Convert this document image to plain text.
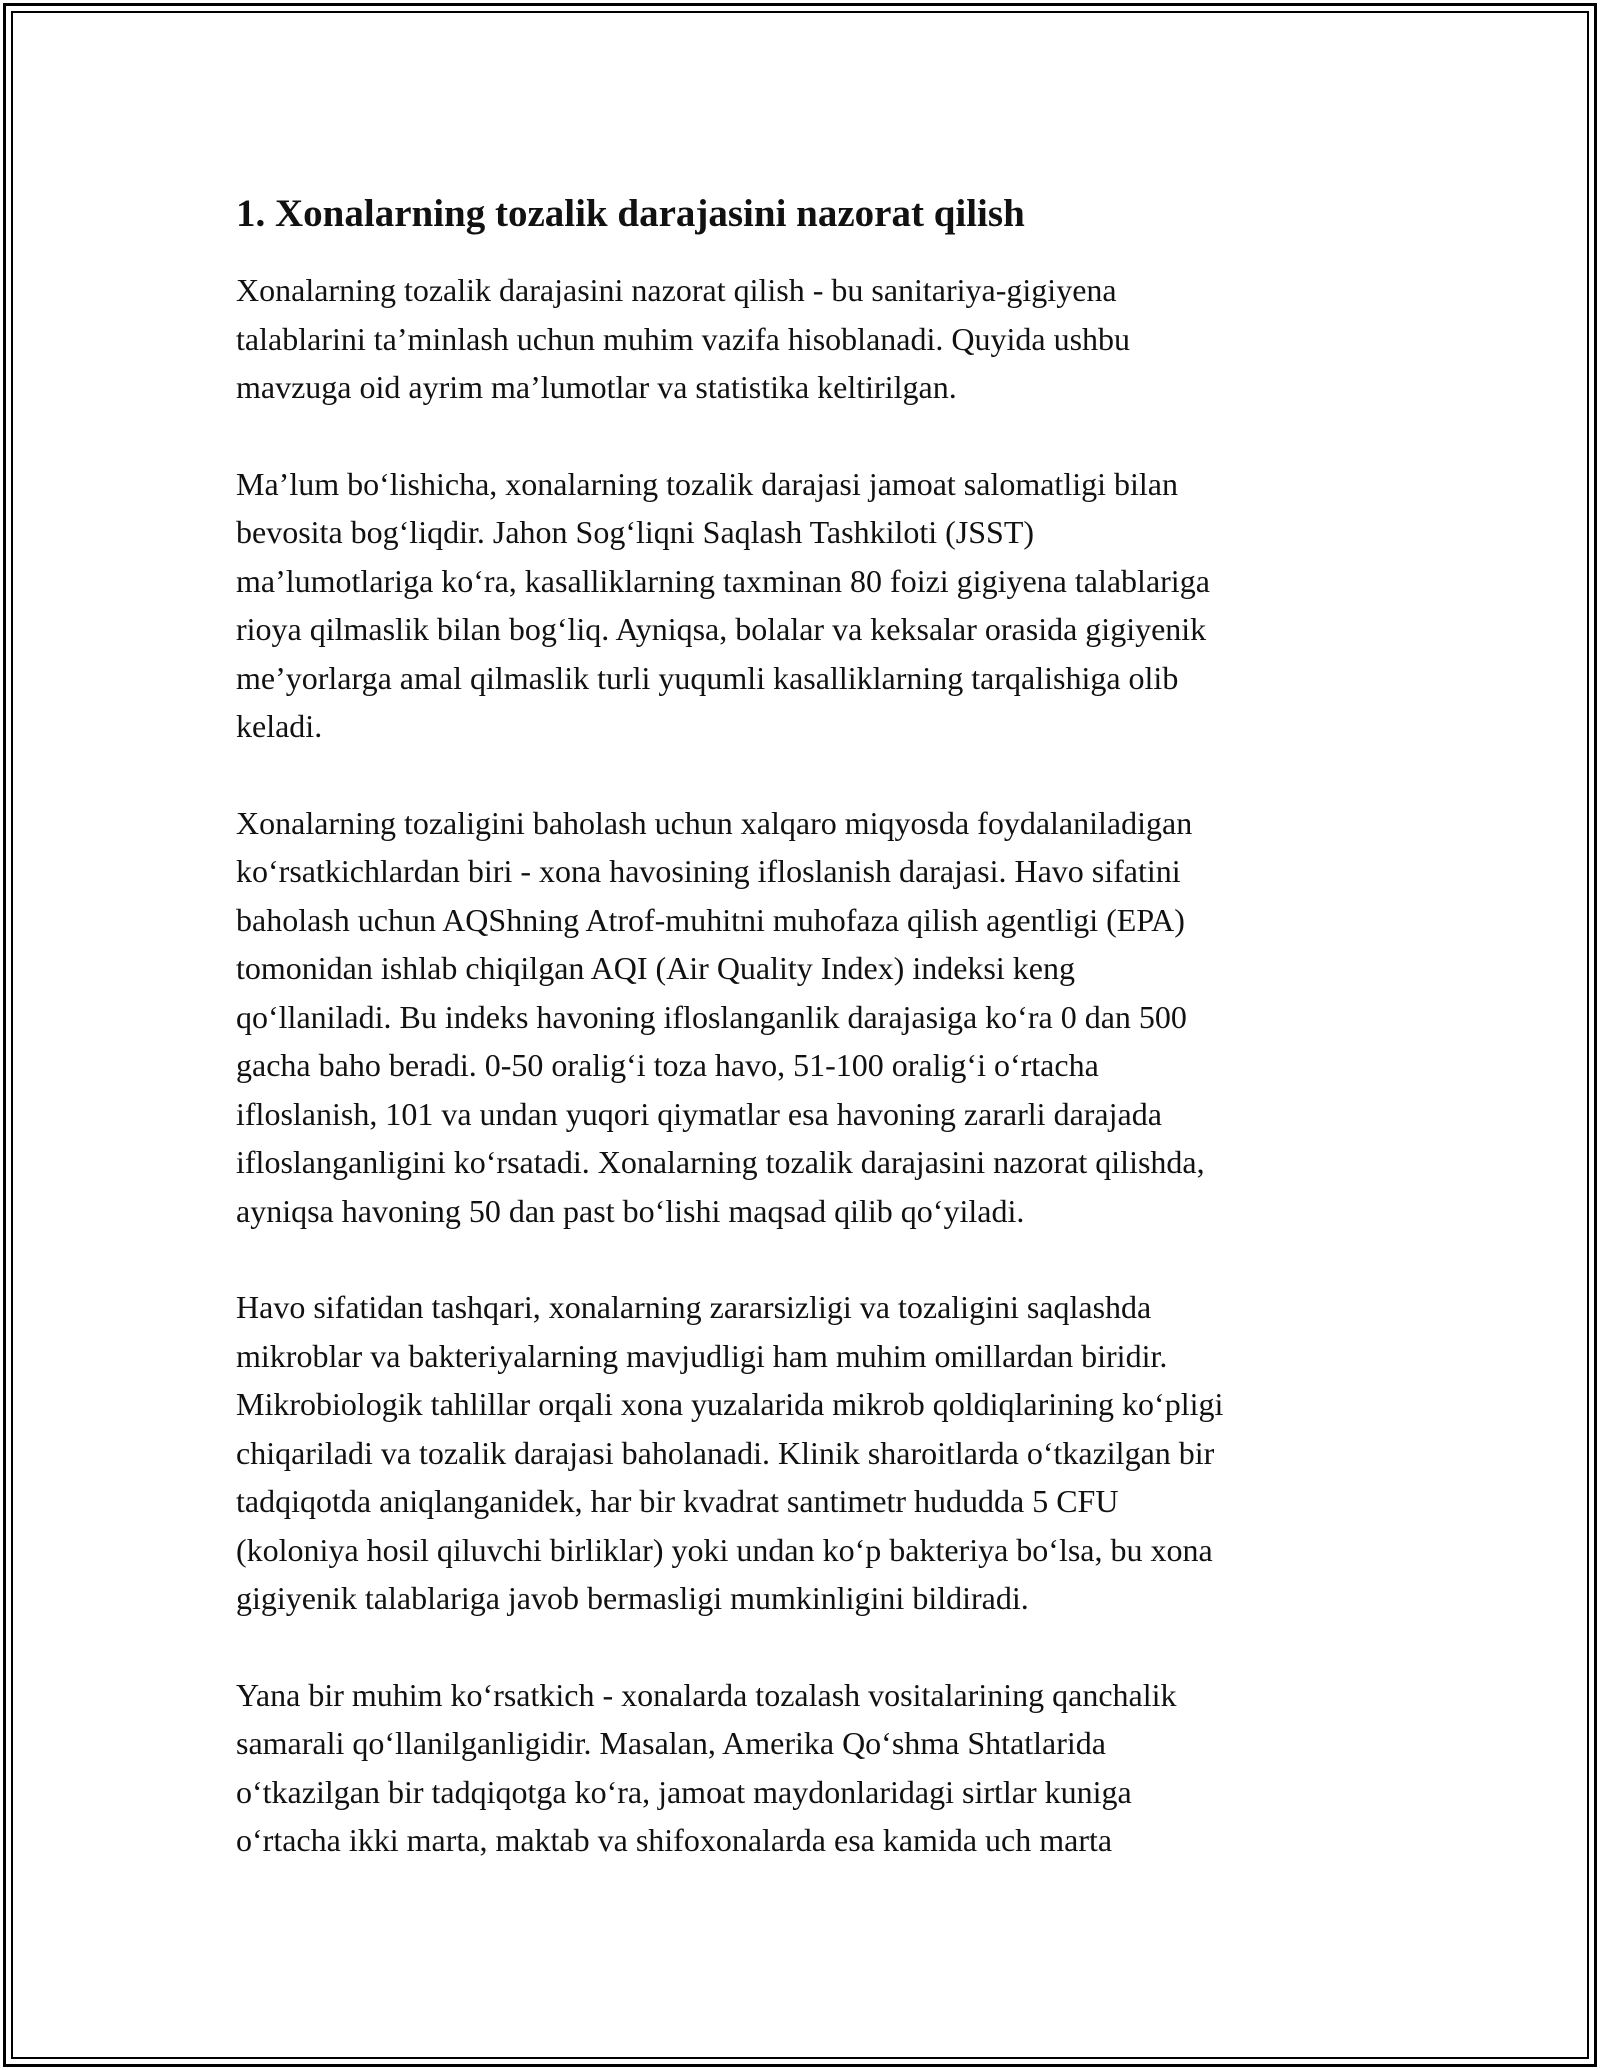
1. Xonalarning tozalik darajasini nazorat qilish

Xonalarning tozalik darajasini nazorat qilish - bu sanitariya-gigiyena
talablarini ta’minlash uchun muhim vazifa hisoblanadi. Quyida ushbu
mavzuga oid ayrim ma’lumotlar va statistika keltirilgan.

Ma’lum bo‘lishicha, xonalarning tozalik darajasi jamoat salomatligi bilan
bevosita bog‘liqdir. Jahon Sog‘liqni Saqlash Tashkiloti (JSST)
ma’lumotlariga ko‘ra, kasalliklarning taxminan 80 foizi gigiyena talablariga
rioya qilmaslik bilan bog‘liq. Ayniqsa, bolalar va keksalar orasida gigiyenik
me’yorlarga amal qilmaslik turli yuqumli kasalliklarning tarqalishiga olib
keladi.

Xonalarning tozaligini baholash uchun xalqaro miqyosda foydalaniladigan
ko‘rsatkichlardan biri - xona havosining ifloslanish darajasi. Havo sifatini
baholash uchun AQShning Atrof-muhitni muhofaza qilish agentligi (EPA)
tomonidan ishlab chiqilgan AQI (Air Quality Index) indeksi keng
qo‘llaniladi. Bu indeks havoning ifloslanganlik darajasiga ko‘ra 0 dan 500
gacha baho beradi. 0-50 oralig‘i toza havo, 51-100 oralig‘i o‘rtacha
ifloslanish, 101 va undan yuqori qiymatlar esa havoning zararli darajada
ifloslanganligini ko‘rsatadi. Xonalarning tozalik darajasini nazorat qilishda,
ayniqsa havoning 50 dan past bo‘lishi maqsad qilib qo‘yiladi.

Havo sifatidan tashqari, xonalarning zararsizligi va tozaligini saqlashda
mikroblar va bakteriyalarning mavjudligi ham muhim omillardan biridir.
Mikrobiologik tahlillar orqali xona yuzalarida mikrob qoldiqlarining ko‘pligi
chiqariladi va tozalik darajasi baholanadi. Klinik sharoitlarda o‘tkazilgan bir
tadqiqotda aniqlanganidek, har bir kvadrat santimetr hududda 5 CFU
(koloniya hosil qiluvchi birliklar) yoki undan ko‘p bakteriya bo‘lsa, bu xona
gigiyenik talablariga javob bermasligi mumkinligini bildiradi.

Yana bir muhim ko‘rsatkich - xonalarda tozalash vositalarining qanchalik
samarali qo‘llanilganligidir. Masalan, Amerika Qo‘shma Shtatlarida
o‘tkazilgan bir tadqiqotga ko‘ra, jamoat maydonlaridagi sirtlar kuniga
o‘rtacha ikki marta, maktab va shifoxonalarda esa kamida uch marta
